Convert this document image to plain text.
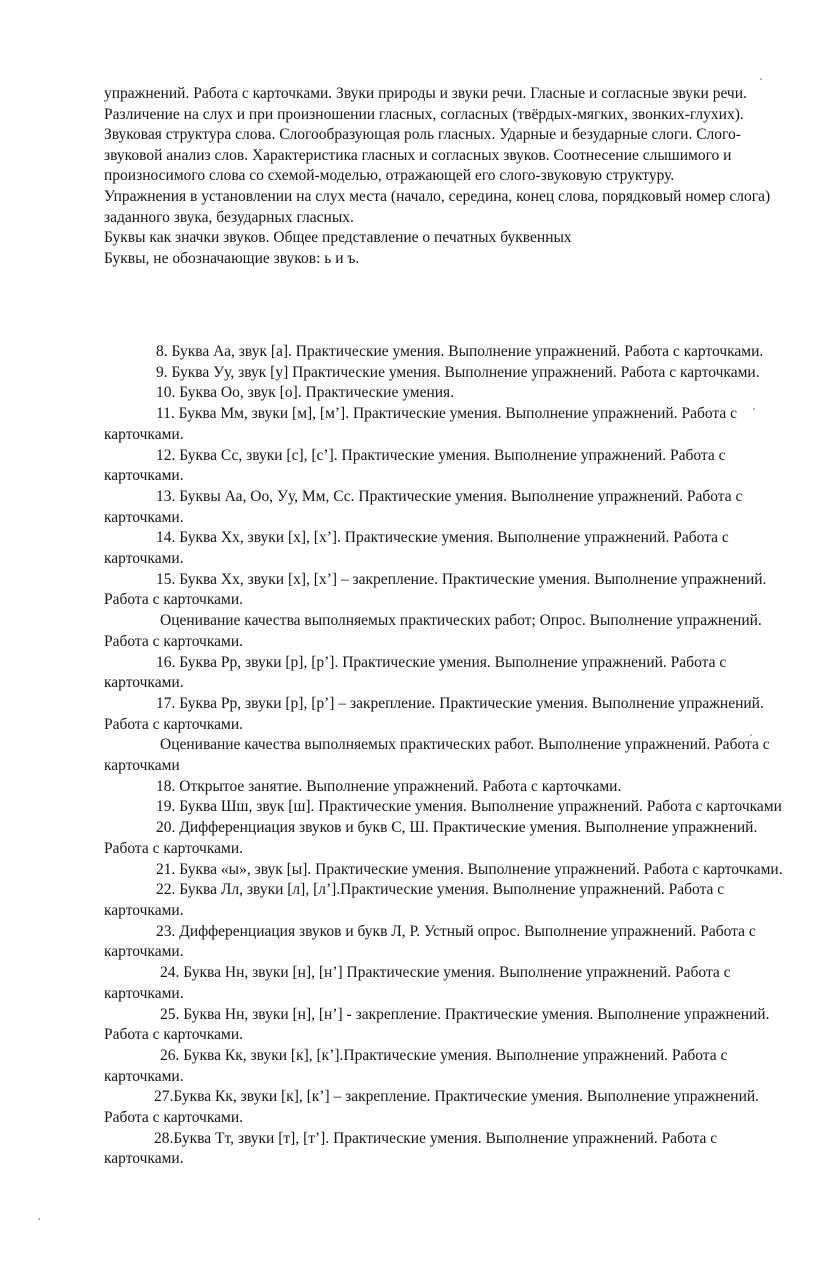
упражнений. Работа с карточками. Звуки природы и звуки речи. Гласные и согласные звуки речи.

Различение на слух и при произношении гласных, согласных (твёрдых-мягких, звонких-глухих). Звуковая структура слова. Слогообразующая роль гласных. Ударные и безударные слоги. Слого-звуковой анализ слов. Характеристика гласных и согласных звуков. Соотнесение слышимого и произносимого слова со схемой-моделью, отражающей его слого-звуковую структуру.

Упражнения в установлении на слух места (начало, середина, конец слова, порядковый номер слога) заданного звука, безударных гласных.

Буквы как значки звуков. Общее представление о печатных буквенных

Буквы, не обозначающие звуков: ь и ъ.

8. Буква Аа, звук [а]. Практические умения. Выполнение упражнений. Работа с карточками.

9. Буква Уу, звук [у] Практические умения. Выполнение упражнений. Работа с карточками.

10. Буква Оо, звук [о]. Практические умения.

11. Буква Мм, звуки [м], [м’]. Практические умения. Выполнение упражнений. Работа с карточками.

12. Буква Сс, звуки [с], [с’]. Практические умения. Выполнение упражнений. Работа с карточками.

13. Буквы Аа, Оо, Уу, Мм, Сс. Практические умения. Выполнение упражнений. Работа с карточками.

14. Буква Хх, звуки [х], [х’]. Практические умения. Выполнение упражнений. Работа с карточками.

15. Буква Хх, звуки [х], [х’] – закрепление. Практические умения. Выполнение упражнений. Работа с карточками.

Оценивание качества выполняемых практических работ; Опрос. Выполнение упражнений. Работа с карточками.

16. Буква Рр, звуки [р], [р’]. Практические умения. Выполнение упражнений. Работа с карточками.

17. Буква Рр, звуки [р], [р’] – закрепление. Практические умения. Выполнение упражнений. Работа с карточками.

Оценивание качества выполняемых практических работ. Выполнение упражнений. Работа с карточками

18. Открытое занятие. Выполнение упражнений. Работа с карточками.

19. Буква Шш, звук [ш]. Практические умения. Выполнение упражнений. Работа с карточками

20. Дифференциация звуков и букв С, Ш. Практические умения. Выполнение упражнений. Работа с карточками.

21. Буква «ы», звук [ы]. Практические умения. Выполнение упражнений. Работа с карточками.

22. Буква Лл, звуки [л], [л’].Практические умения. Выполнение упражнений. Работа с карточками.

23. Дифференциация звуков и букв Л, Р. Устный опрос. Выполнение упражнений. Работа с карточками.

24. Буква Нн, звуки [н], [н’] Практические умения. Выполнение упражнений. Работа с карточками.

25. Буква Нн, звуки [н], [н’] - закрепление. Практические умения. Выполнение упражнений. Работа с карточками.

26. Буква Кк, звуки [к], [к’].Практические умения. Выполнение упражнений. Работа с карточками.

27.Буква Кк, звуки [к], [к’] – закрепление. Практические умения. Выполнение упражнений. Работа с карточками.

28.Буква Тт, звуки [т], [т’]. Практические умения. Выполнение упражнений. Работа с карточками.
